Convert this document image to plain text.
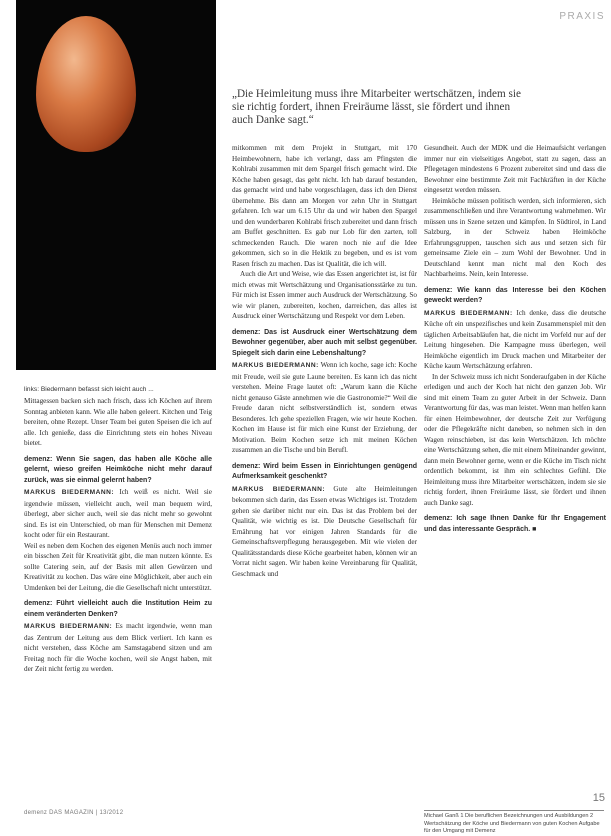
PRAXIS
„Die Heimleitung muss ihre Mitarbeiter wertschätzen, indem sie sie richtig fordert, ihnen Freiräume lässt, sie fördert und ihnen auch Danke sagt.“
links: Biedermann befasst sich leicht auch ...

Mittagessen backen sich nach frisch, dass ich Köchen auf ihrem Sonntag anbieten kann. Wie alle haben geleert. Kitchen und Teig bereiten, ohne Rezept. Unser Team bei guten Speisen die ich auf alle. Ich genieße, dass die Einrichtung stets ein hohes Niveau bietet.

demenz: Wenn Sie sagen, das haben alle Köche alle gelernt, wieso greifen Heimköche nicht mehr darauf zurück, was sie einmal gelernt haben?

MARKUS BIEDERMANN: Ich weiß es nicht. Weil sie irgendwie müssen, vielleicht auch, weil man bequem wird, überlegt, aber sicher auch, weil sie das nicht mehr so gewohnt sind. Es ist ein Unterschied, ob man für Menschen mit Demenz kocht oder für ein Restaurant.

Weil es neben dem Kochen des eigenen Menüs auch noch immer ein bisschen Zeit für Kreativität gibt, die man nutzen könnte. Es sollte Catering sein, auf der Basis mit allen Gewürzen und Kreativität zu kochen. Das wäre eine Möglichkeit, aber auch ein Umdenken bei der Leitung, die die Gesellschaft nicht unterstützt.

demenz: Führt vielleicht auch die Institution Heim zu einem veränderten Denken?

MARKUS BIEDERMANN: Es macht irgendwie, wenn man das Zentrum der Leitung aus dem Blick verliert. Ich kann es nicht verstehen, dass Köche am Samstagabend sitzen und am Freitag noch für die Woche kochen, weil sie Angst haben, mit der Zeit nicht fertig zu werden.

mitkommen mit dem Projekt in Stuttgart, mit 170 Heimbewohnern, habe ich verlangt, dass am Pfingsten die Kohlrabi zusammen mit dem Spargel frisch gemacht wird. Die Köche haben gesagt, das geht nicht. Ich hab darauf bestanden, das gemacht wird und habe vorgeschlagen, dass ich den Dienst übernehme. Bis dann am Morgen vor zehn Uhr in Stuttgart gefahren. Ich war um 6.15 Uhr da und wir haben den Spargel und den wunderbaren Kohlrabi frisch zubereitet und dann frisch am Buffet geschnitten. Es gab nur Lob für den zarten, toll schmeckenden Rauch. Die waren noch nie auf die Idee gekommen, sich so in die Hektik zu begeben, und es ist vom Rasen frisch zu machen. Das ist Qualität, die ich will.

Auch die Art und Weise, wie das Essen angerichtet ist, ist für mich etwas mit Wertschätzung und Organisationsstärke zu tun. Für mich ist Essen immer auch Ausdruck der Wertschätzung. So wie wir planen, zubereiten, kochen, darreichen, das alles ist Ausdruck einer Wertschätzung und Respekt vor dem Leben.

demenz: Das ist Ausdruck einer Wertschätzung dem Bewohner gegenüber, aber auch mit selbst gegenüber. Spiegelt sich darin eine Lebenshaltung?

MARKUS BIEDERMANN: Wenn ich koche, sage ich: Koche mit Freude, weil sie gute Laune bereiten. Es kann ich das nicht verstehen. Meine Frage lautet oft: „Warum kann die Küche nicht genauso Gäste annehmen wie die Gastronomie?“ Weil die Freude daran nicht selbstverständlich ist, sondern etwas Besonderes. Ich gehe speziellen Fragen, wie wir heute Kochen. Kochen im Hause ist für mich eine Kunst der Erziehung, der Motivation. Beim Kochen setze ich mit meinen Köchen zusammen an die Tische und bin Berufl.

demenz: Wird beim Essen in Einrichtungen genügend Aufmerksamkeit geschenkt?

MARKUS BIEDERMANN: Gute alte Heimleitungen bekommen sich darin, das Essen etwas Wichtiges ist. Trotzdem gehen sie darüber nicht nur ein. Das ist das Problem bei der Qualität, wie wichtig es ist. Die Deutsche Gesellschaft für Ernährung hat vor einigen Jahren Standards für die Gemeinschaftsverpflegung herausgegeben. Mit wie vielen der Qualitätsstandards diese Köche gearbeitet haben, können wir an Vorrat nicht sagen. Wir haben keine Vereinbarung für Qualität, Geschmack und

Gesundheit. Auch der MDK und die Heimaufsicht verlangen immer nur ein vielseitiges Angebot, statt zu sagen, dass an Pflegetagen mindestens 6 Prozent zubereitet sind und dass die Bewohner eine bestimmte Zeit mit Fachkräften in der Küche eingesetzt werden müssen.

Heimköche müssen politisch werden, sich informieren, sich zusammenschließen und ihre Verantwortung wahrnehmen. Wir müssen uns in Szene setzen und kämpfen. In Südtirol, in Land Salzburg, in der Schweiz haben Heimköche Erfahrungsgruppen, tauschen sich aus und setzen sich für gemeinsame Ziele ein – zum Wohl der Bewohner. Und in Deutschland kennt man nicht mal den Koch des Nachbarheims. Nein, kein Interesse.

demenz: Wie kann das Interesse bei den Köchen geweckt werden?

MARKUS BIEDERMANN: Ich denke, dass die deutsche Küche oft ein unspezifisches und kein Zusammenspiel mit den täglichen Arbeitsabläufen hat, die nicht im Vorfeld nur auf der Leitung hingesehen. Die Kampagne muss überlegen, weil Heimköche eigentlich im Druck machen und Mitarbeiter der Küche kaum Wertschätzung erfahren.

In der Schweiz muss ich nicht Sonderaufgaben in der Küche erledigen und auch der Koch hat nicht den ganzen Job. Wir sind mit einem Team zu guter Arbeit in der Schweiz. Dann Verantwortung für das, was man leistet. Wenn man helfen kann für einen Heimbewohner, der deutsche Zeit zur Verfügung oder die Pflegekräfte nicht daneben, so nehmen sich in den Wagen reinschieben, ist das kein Wertschätzen. Ich möchte eine Wertschätzung sehen, die mit einem Miteinander gewinnt, dann mein Bewohner gerne, wenn er die Küche im Tisch nicht ordentlich bekommt, ist ihm ein schlechtes Gefühl. Die Heimleitung muss ihre Mitarbeiter wertschätzen, indem sie sie richtig fordert, ihnen Freiräume lässt, sie fördert und ihnen auch Danke sagt.

demenz: Ich sage Ihnen Danke für Ihr Engagement und das interessante Gespräch. ■

Michael Ganß 1 Die beruflichen Bezeichnungen und Ausbildungen 2 Wertschätzung der Köche und Biedermann von guten Kochen Aufgabe für den Umgang mit Demenz
demenz DAS MAGAZIN | 13/2012
15
